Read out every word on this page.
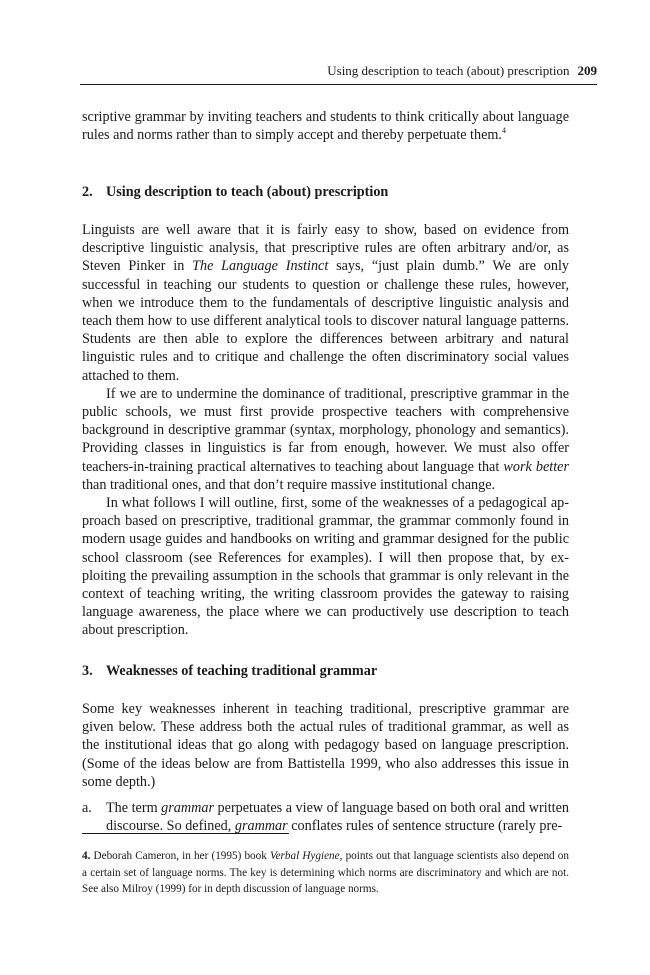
Using description to teach (about) prescription 209

scriptive grammar by inviting teachers and students to think critically about language rules and norms rather than to simply accept and thereby perpetuate them.$^4$

2. Using description to teach (about) prescription

Linguists are well aware that it is fairly easy to show, based on evidence from descriptive linguistic analysis, that prescriptive rules are often arbitrary and/or, as Steven Pinker in The Language Instinct says, “just plain dumb.” We are only successful in teaching our students to question or challenge these rules, however, when we introduce them to the fundamentals of descriptive linguistic analysis and teach them how to use different analytical tools to discover natural language patterns. Students are then able to explore the differences between arbitrary and natural linguistic rules and to critique and challenge the often discriminatory social values attached to them.

If we are to undermine the dominance of traditional, prescriptive grammar in the public schools, we must first provide prospective teachers with comprehensive background in descriptive grammar (syntax, morphology, phonology and semantics). Providing classes in linguistics is far from enough, however. We must also offer teachers-in-training practical alternatives to teaching about language that work better than traditional ones, and that don’t require massive institutional change.

In what follows I will outline, first, some of the weaknesses of a pedagogical approach based on prescriptive, traditional grammar, the grammar commonly found in modern usage guides and handbooks on writing and grammar designed for the public school classroom (see References for examples). I will then propose that, by exploiting the prevailing assumption in the schools that grammar is only relevant in the context of teaching writing, the writing classroom provides the gateway to raising language awareness, the place where we can productively use description to teach about prescription.

3. Weaknesses of teaching traditional grammar

Some key weaknesses inherent in teaching traditional, prescriptive grammar are given below. These address both the actual rules of traditional grammar, as well as the institutional ideas that go along with pedagogy based on language prescription. (Some of the ideas below are from Battistella 1999, who also addresses this issue in some depth.)

a. The term grammar perpetuates a view of language based on both oral and written discourse. So defined, grammar conflates rules of sentence structure (rarely pre-
4. Deborah Cameron, in her (1995) book Verbal Hygiene, points out that language scientists also depend on a certain set of language norms. The key is determining which norms are discriminatory and which are not. See also Milroy (1999) for in depth discussion of language norms.
